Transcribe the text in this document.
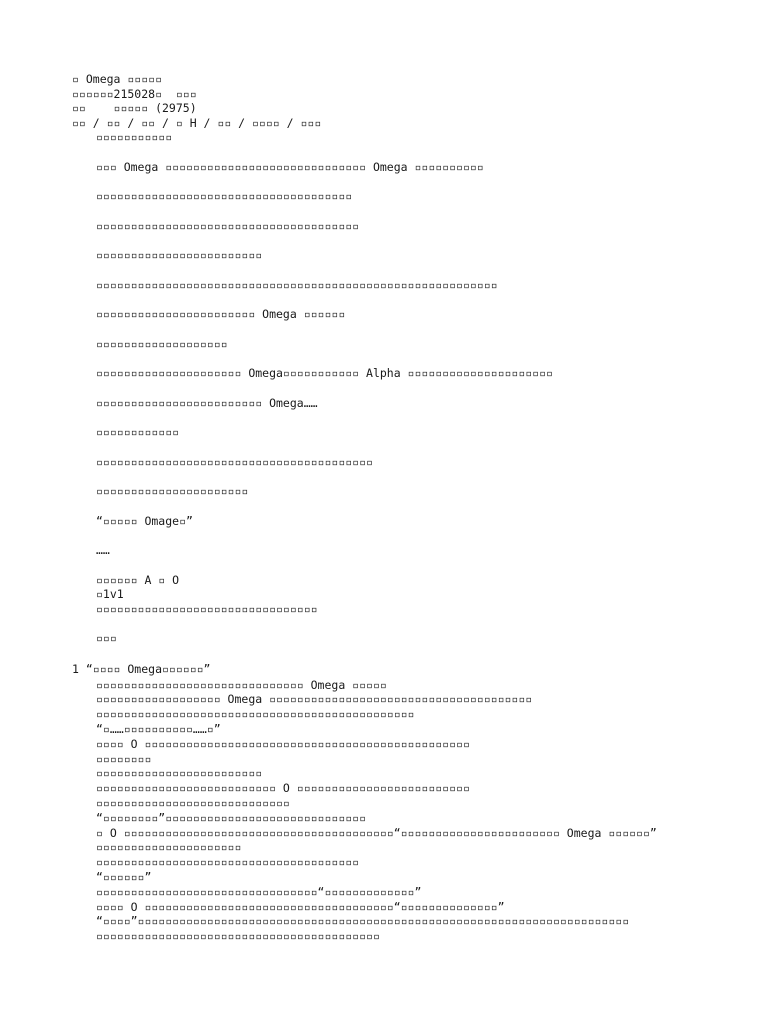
▫ Omega ▫▫▫▫▫
▫▫▫▫▫▫215028▫  ▫▫▫
▫▫    ▫▫▫▫▫ (2975)
▫▫ / ▫▫ / ▫▫ / ▫ H / ▫▫ / ▫▫▫▫ / ▫▫▫
▫▫▫▫▫▫▫▫▫▫▫
▫▫▫ Omega ▫▫▫▫▫▫▫▫▫▫▫▫▫▫▫▫▫▫▫▫▫▫▫▫▫▫▫▫▫ Omega ▫▫▫▫▫▫▫▫▫▫
▫▫▫▫▫▫▫▫▫▫▫▫▫▫▫▫▫▫▫▫▫▫▫▫▫▫▫▫▫▫▫▫▫▫▫▫▫
▫▫▫▫▫▫▫▫▫▫▫▫▫▫▫▫▫▫▫▫▫▫▫▫▫▫▫▫▫▫▫▫▫▫▫▫▫▫
▫▫▫▫▫▫▫▫▫▫▫▫▫▫▫▫▫▫▫▫▫▫▫▫
▫▫▫▫▫▫▫▫▫▫▫▫▫▫▫▫▫▫▫▫▫▫▫▫▫▫▫▫▫▫▫▫▫▫▫▫▫▫▫▫▫▫▫▫▫▫▫▫▫▫▫▫▫▫▫▫▫▫
▫▫▫▫▫▫▫▫▫▫▫▫▫▫▫▫▫▫▫▫▫▫▫ Omega ▫▫▫▫▫▫
▫▫▫▫▫▫▫▫▫▫▫▫▫▫▫▫▫▫▫
▫▫▫▫▫▫▫▫▫▫▫▫▫▫▫▫▫▫▫▫▫ Omega▫▫▫▫▫▫▫▫▫▫▫ Alpha ▫▫▫▫▫▫▫▫▫▫▫▫▫▫▫▫▫▫▫▫▫
▫▫▫▫▫▫▫▫▫▫▫▫▫▫▫▫▫▫▫▫▫▫▫▫ Omega……
▫▫▫▫▫▫▫▫▫▫▫▫
▫▫▫▫▫▫▫▫▫▫▫▫▫▫▫▫▫▫▫▫▫▫▫▫▫▫▫▫▫▫▫▫▫▫▫▫▫▫▫▫
▫▫▫▫▫▫▫▫▫▫▫▫▫▫▫▫▫▫▫▫▫▫
“▫▫▫▫▫ Omage▫”
……
▫▫▫▫▫▫ A ▫ O
▫1v1
▫▫▫▫▫▫▫▫▫▫▫▫▫▫▫▫▫▫▫▫▫▫▫▫▫▫▫▫▫▫▫▫
▫▫▫
1 “▫▫▫▫ Omega▫▫▫▫▫▫”
▫▫▫▫▫▫▫▫▫▫▫▫▫▫▫▫▫▫▫▫▫▫▫▫▫▫▫▫▫▫ Omega ▫▫▫▫▫
▫▫▫▫▫▫▫▫▫▫▫▫▫▫▫▫▫▫ Omega ▫▫▫▫▫▫▫▫▫▫▫▫▫▫▫▫▫▫▫▫▫▫▫▫▫▫▫▫▫▫▫▫▫▫▫▫▫▫
▫▫▫▫▫▫▫▫▫▫▫▫▫▫▫▫▫▫▫▫▫▫▫▫▫▫▫▫▫▫▫▫▫▫▫▫▫▫▫▫▫▫▫▫▫▫
“▫……▫▫▫▫▫▫▫▫▫▫……▫”
▫▫▫▫ O ▫▫▫▫▫▫▫▫▫▫▫▫▫▫▫▫▫▫▫▫▫▫▫▫▫▫▫▫▫▫▫▫▫▫▫▫▫▫▫▫▫▫▫▫▫▫▫
▫▫▫▫▫▫▫▫
▫▫▫▫▫▫▫▫▫▫▫▫▫▫▫▫▫▫▫▫▫▫▫▫
▫▫▫▫▫▫▫▫▫▫▫▫▫▫▫▫▫▫▫▫▫▫▫▫▫▫ O ▫▫▫▫▫▫▫▫▫▫▫▫▫▫▫▫▫▫▫▫▫▫▫▫▫
▫▫▫▫▫▫▫▫▫▫▫▫▫▫▫▫▫▫▫▫▫▫▫▫▫▫▫▫
“▫▫▫▫▫▫▫▫”▫▫▫▫▫▫▫▫▫▫▫▫▫▫▫▫▫▫▫▫▫▫▫▫▫▫▫▫▫
▫ O ▫▫▫▫▫▫▫▫▫▫▫▫▫▫▫▫▫▫▫▫▫▫▫▫▫▫▫▫▫▫▫▫▫▫▫▫▫▫▫“▫▫▫▫▫▫▫▫▫▫▫▫▫▫▫▫▫▫▫▫▫▫▫ Omega ▫▫▫▫▫▫”
▫▫▫▫▫▫▫▫▫▫▫▫▫▫▫▫▫▫▫▫▫
▫▫▫▫▫▫▫▫▫▫▫▫▫▫▫▫▫▫▫▫▫▫▫▫▫▫▫▫▫▫▫▫▫▫▫▫▫▫
“▫▫▫▫▫▫”
▫▫▫▫▫▫▫▫▫▫▫▫▫▫▫▫▫▫▫▫▫▫▫▫▫▫▫▫▫▫▫▫“▫▫▫▫▫▫▫▫▫▫▫▫▫”
▫▫▫▫ O ▫▫▫▫▫▫▫▫▫▫▫▫▫▫▫▫▫▫▫▫▫▫▫▫▫▫▫▫▫▫▫▫▫▫▫▫“▫▫▫▫▫▫▫▫▫▫▫▫▫▫”
“▫▫▫▫”▫▫▫▫▫▫▫▫▫▫▫▫▫▫▫▫▫▫▫▫▫▫▫▫▫▫▫▫▫▫▫▫▫▫▫▫▫▫▫▫▫▫▫▫▫▫▫▫▫▫▫▫▫▫▫▫▫▫▫▫▫▫▫▫▫▫▫▫▫▫▫
▫▫▫▫▫▫▫▫▫▫▫▫▫▫▫▫▫▫▫▫▫▫▫▫▫▫▫▫▫▫▫▫▫▫▫▫▫▫▫▫▫
